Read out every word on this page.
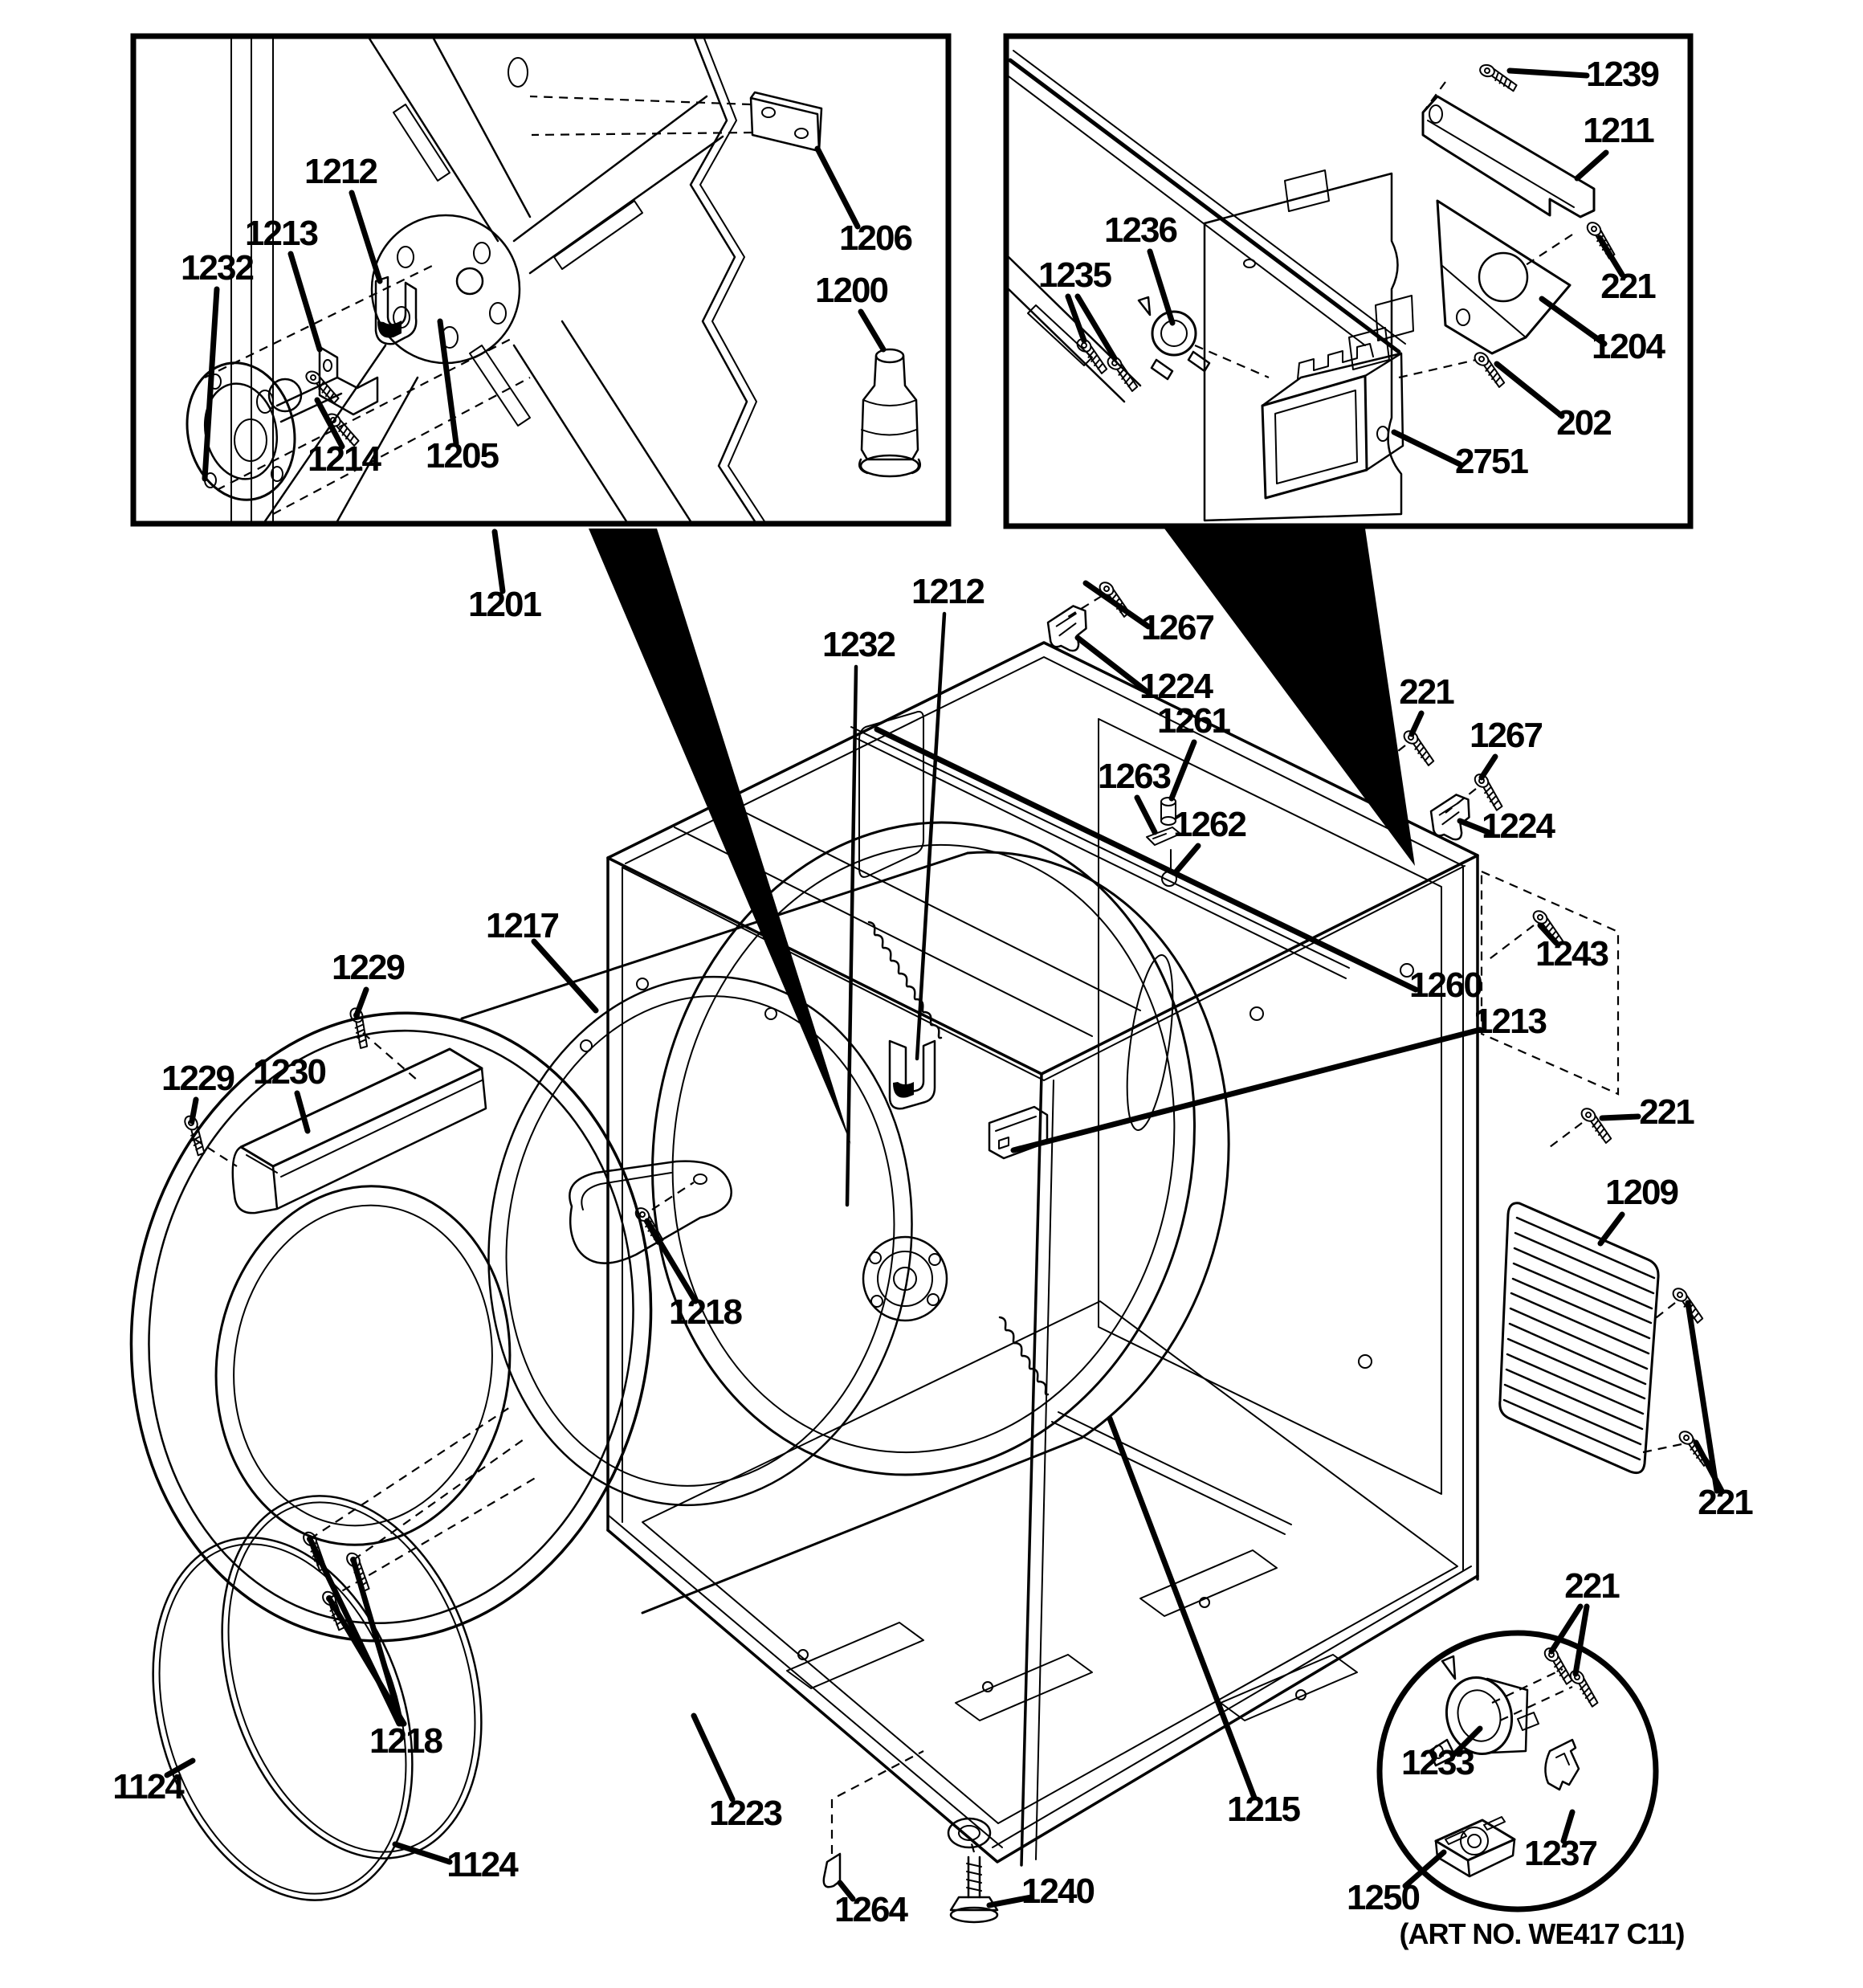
1232
1213
1212
1214 1205
1206
1200
1236
1235
1239
1211
221
1204
202
2751
1201	1212
1232	1267
1224	221
1267
1224
1261
1263
1262
1243
1260
1213
221
1209
221
1217
1229
1230
1229
1218
1218
1124
1124
1223	1215
1264	1240
221
1233
1237
1250
(ART NO. WE417 C11)
